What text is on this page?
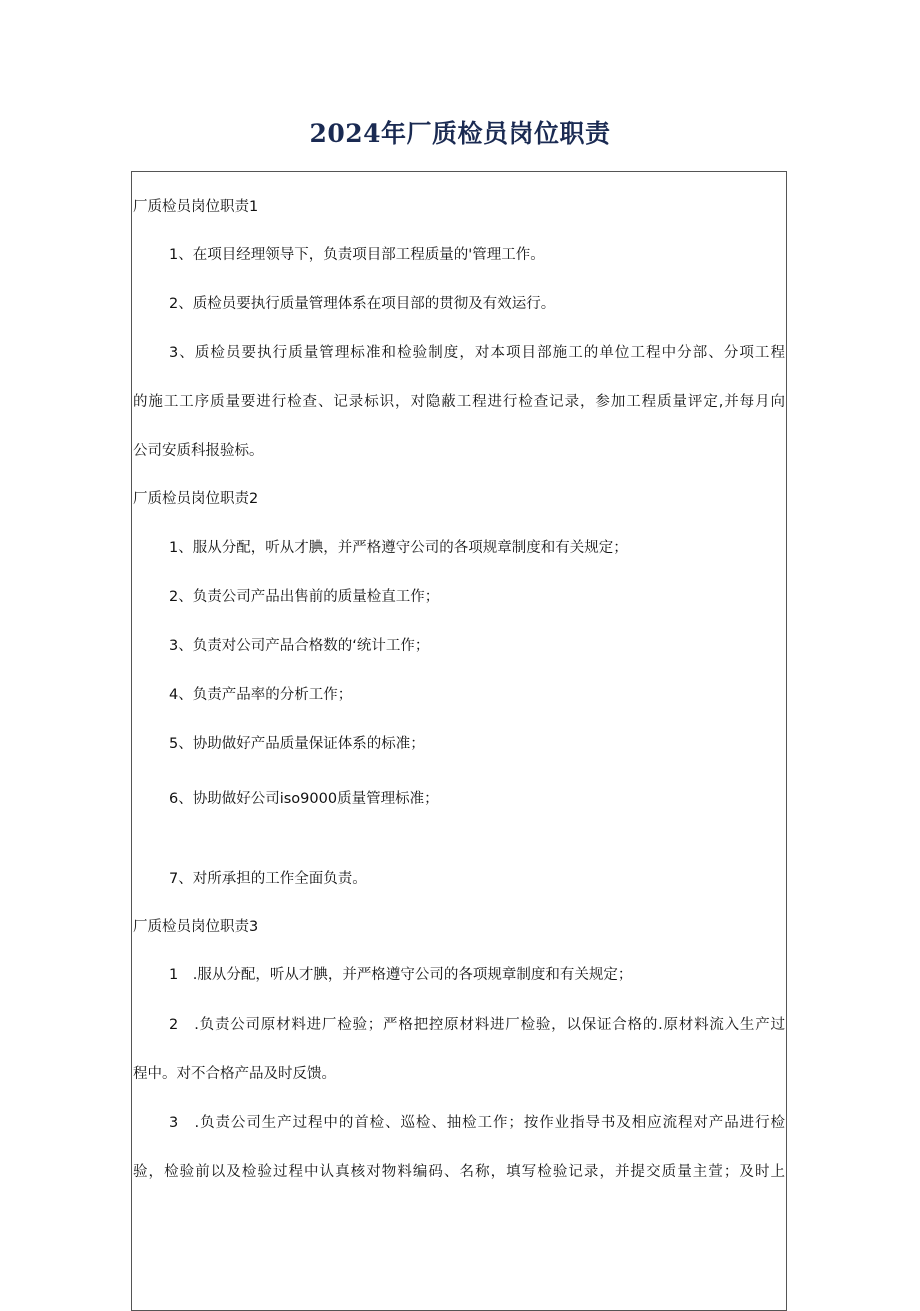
2024年厂质检员岗位职责
厂质检员岗位职责1
1、在项目经理领导下，负责项目部工程质量的'管理工作。
2、质检员要执行质量管理体系在项目部的贯彻及有效运行。
3、质检员要执行质量管理标准和检验制度，对本项目部施工的单位工程中分部、分项工程
的施工工序质量要进行检查、记录标识，对隐蔽工程进行检查记录，参加工程质量评定,并每月向
公司安质科报验标。
厂质检员岗位职责2
1、服从分配，听从才腆，并严格遵守公司的各项规章制度和有关规定；
2、负责公司产品出售前的质量检直工作；
3、负责对公司产品合格数的‘统计工作；
4、负责产品率的分析工作；
5、协助做好产品质量保证体系的标准；
6、协助做好公司iso9000质量管理标准；
7、对所承担的工作全面负责。
厂质检员岗位职责3
1　.服从分配，听从才腆，并严格遵守公司的各项规章制度和有关规定；
2　.负责公司原材料进厂检验；严格把控原材料进厂检验，以保证合格的.原材料流入生产过
程中。对不合格产品及时反馈。
3　.负责公司生产过程中的首检、巡检、抽检工作；按作业指导书及相应流程对产品进行检
验，检验前以及检验过程中认真核对物料编码、名称，填写检验记录，并提交质量主萱；及时上
